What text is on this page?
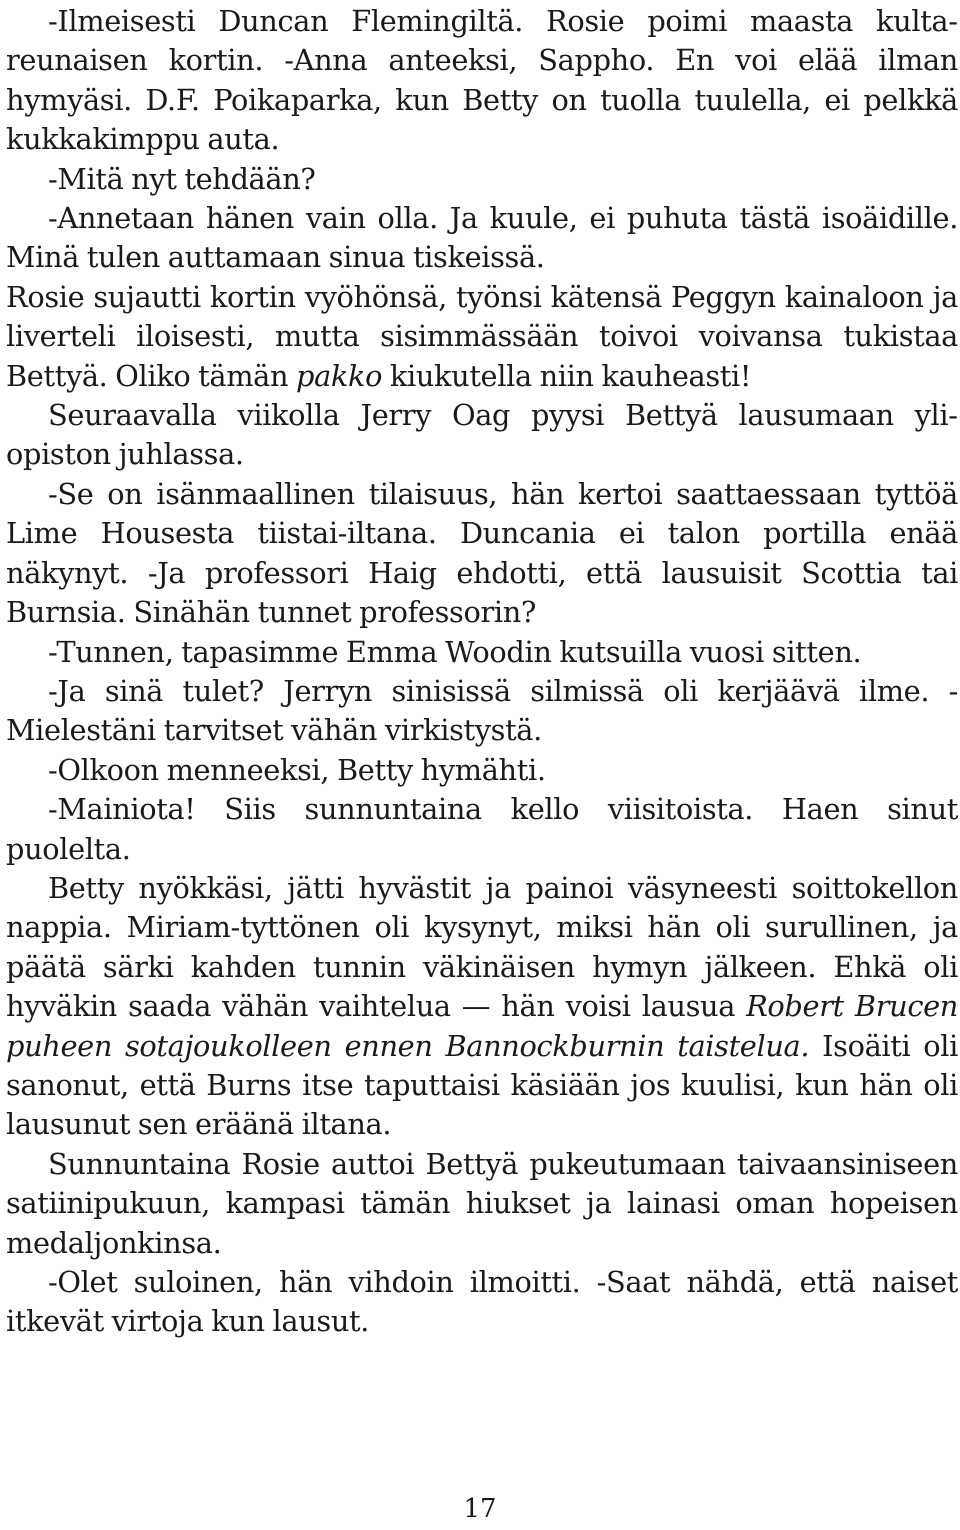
-Ilmeisesti Duncan Flemingiltä. Rosie poimi maasta kultareunaisen kortin. -Anna anteeksi, Sappho. En voi elää ilman hymyäsi. D.F. Poikaparka, kun Betty on tuolla tuulella, ei pelkkä kukkakimppu auta.

-Mitä nyt tehdään?

-Annetaan hänen vain olla. Ja kuule, ei puhuta tästä isoäidille. Minä tulen auttamaan sinua tiskeissä.

Rosie sujautti kortin vyöhönsä, työnsi kätensä Peggyn kainaloon ja liverteli iloisesti, mutta sisimmässään toivoi voivansa tukistaa Bettyä. Oliko tämän pakko kiukutella niin kauheasti!

Seuraavalla viikolla Jerry Oag pyysi Bettyä lausumaan yliopiston juhlassa.

-Se on isänmaallinen tilaisuus, hän kertoi saattaessaan tyttöä Lime Housesta tiistai-iltana. Duncania ei talon portilla enää näkynyt. -Ja professori Haig ehdotti, että lausuisit Scottia tai Burnsia. Sinähän tunnet professorin?

-Tunnen, tapasimme Emma Woodin kutsuilla vuosi sitten.

-Ja sinä tulet? Jerryn sinisissä silmissä oli kerjäävä ilme. -Mielestäni tarvitset vähän virkistystä.

-Olkoon menneeksi, Betty hymähti.

-Mainiota! Siis sunnuntaina kello viisitoista. Haen sinut puolelta.

Betty nyökkäsi, jätti hyvästit ja painoi väsyneesti soittokellon nappia. Miriam-tyttönen oli kysynyt, miksi hän oli surullinen, ja päätä särki kahden tunnin väkinäisen hymyn jälkeen. Ehkä oli hyväkin saada vähän vaihtelua — hän voisi lausua Robert Brucen puheen sotajoukolleen ennen Bannockburnin taistelua. Isoäiti oli sanonut, että Burns itse taputtaisi käsiään jos kuulisi, kun hän oli lausunut sen eräänä iltana.

Sunnuntaina Rosie auttoi Bettyä pukeutumaan taivaansiniseen satiinipukuun, kampasi tämän hiukset ja lainasi oman hopeisen medaljonkinsa.

-Olet suloinen, hän vihdoin ilmoitti. -Saat nähdä, että naiset itkevät virtoja kun lausut.

17
